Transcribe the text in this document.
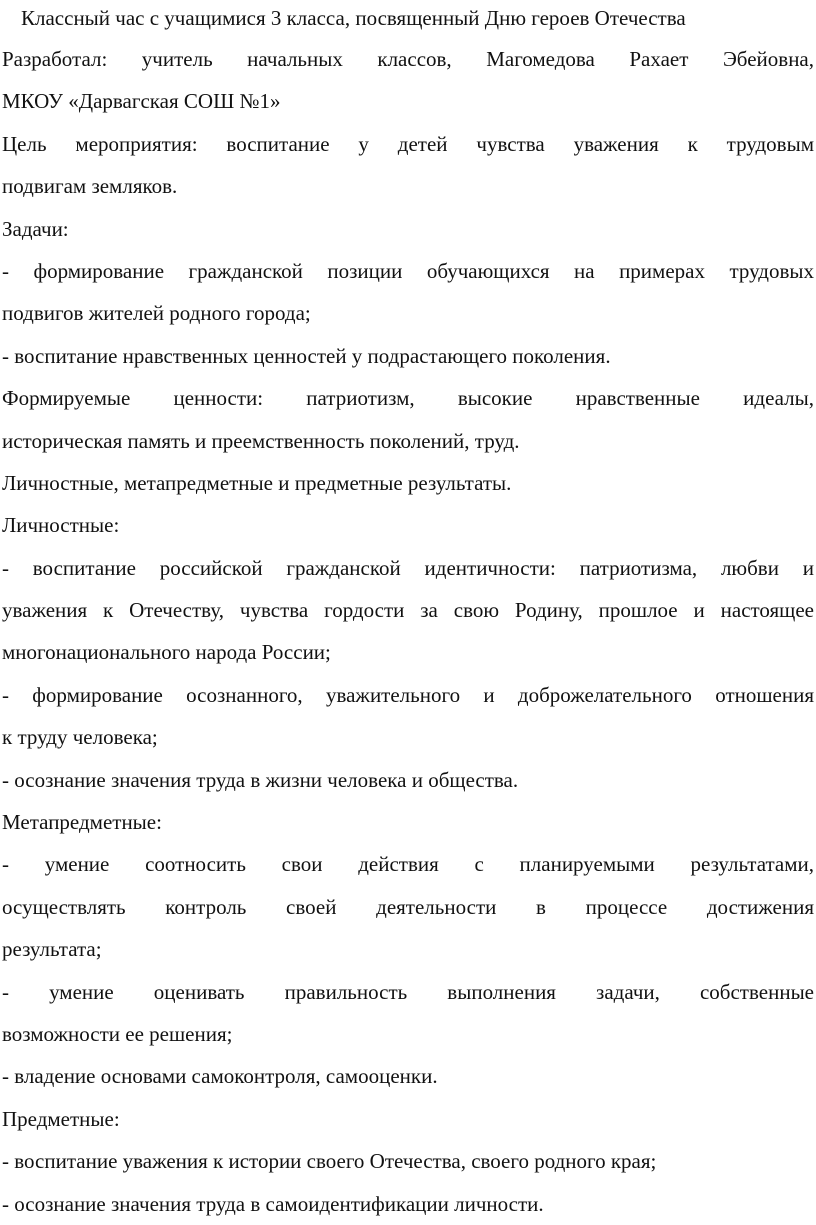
Классный час с учащимися 3 класса, посвященный Дню героев Отечества
Разработал: учитель начальных классов, Магомедова Рахает Эбейовна,
МКОУ «Дарвагская СОШ №1»
Цель мероприятия: воспитание у детей чувства уважения к трудовым
подвигам земляков.
Задачи:
- формирование гражданской позиции обучающихся на примерах трудовых
подвигов жителей родного города;
- воспитание нравственных ценностей у подрастающего поколения.
Формируемые ценности: патриотизм, высокие нравственные идеалы,
историческая память и преемственность поколений, труд.
Личностные, метапредметные и предметные результаты.
Личностные:
- воспитание российской гражданской идентичности: патриотизма, любви и
уважения к Отечеству, чувства гордости за свою Родину, прошлое и настоящее
многонационального народа России;
- формирование осознанного, уважительного и доброжелательного отношения
к труду человека;
- осознание значения труда в жизни человека и общества.
Метапредметные:
- умение соотносить свои действия с планируемыми результатами,
осуществлять контроль своей деятельности в процессе достижения
результата;
- умение оценивать правильность выполнения задачи, собственные
возможности ее решения;
- владение основами самоконтроля, самооценки.
Предметные:
- воспитание уважения к истории своего Отечества, своего родного края;
- осознание значения труда в самоидентификации личности.
